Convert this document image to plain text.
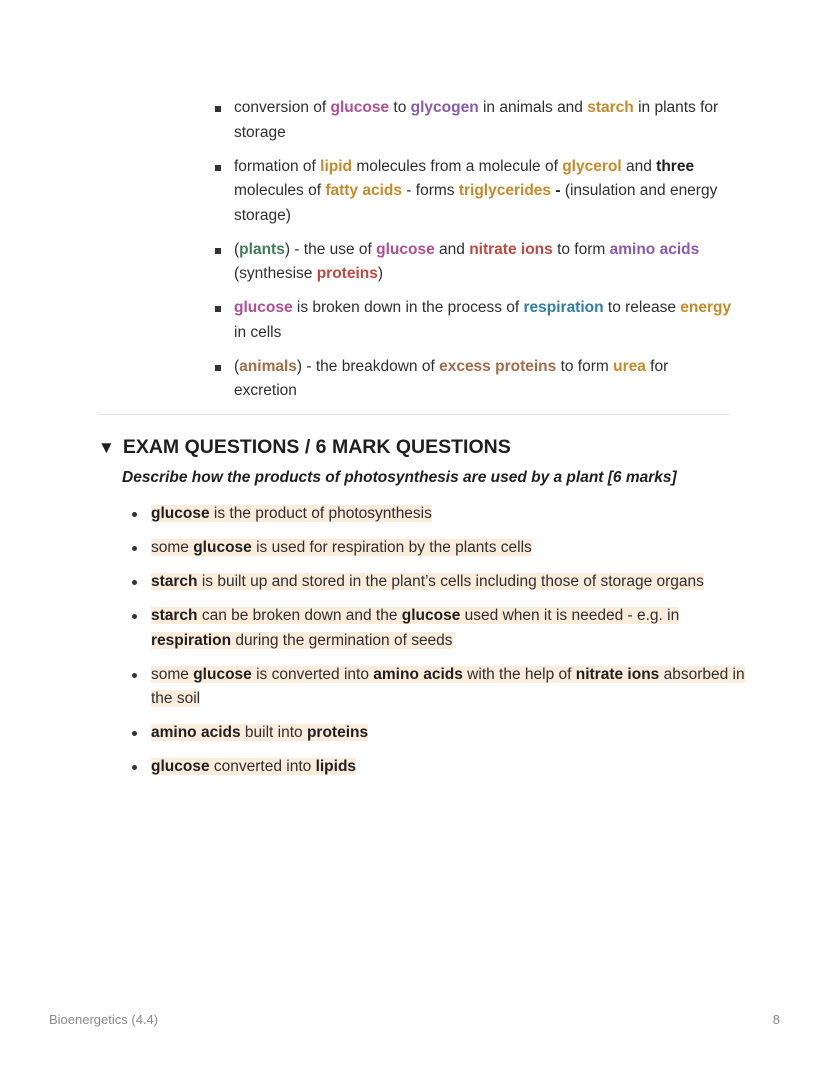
conversion of glucose to glycogen in animals and starch in plants for storage
formation of lipid molecules from a molecule of glycerol and three molecules of fatty acids - forms triglycerides - (insulation and energy storage)
(plants) - the use of glucose and nitrate ions to form amino acids (synthesise proteins)
glucose is broken down in the process of respiration to release energy in cells
(animals) - the breakdown of excess proteins to form urea for excretion
▼ EXAM QUESTIONS / 6 MARK QUESTIONS
Describe how the products of photosynthesis are used by a plant [6 marks]
glucose is the product of photosynthesis
some glucose is used for respiration by the plants cells
starch is built up and stored in the plant’s cells including those of storage organs
starch can be broken down and the glucose used when it is needed - e.g. in respiration during the germination of seeds
some glucose is converted into amino acids with the help of nitrate ions absorbed in the soil
amino acids built into proteins
glucose converted into lipids
Bioenergetics (4.4)	8
